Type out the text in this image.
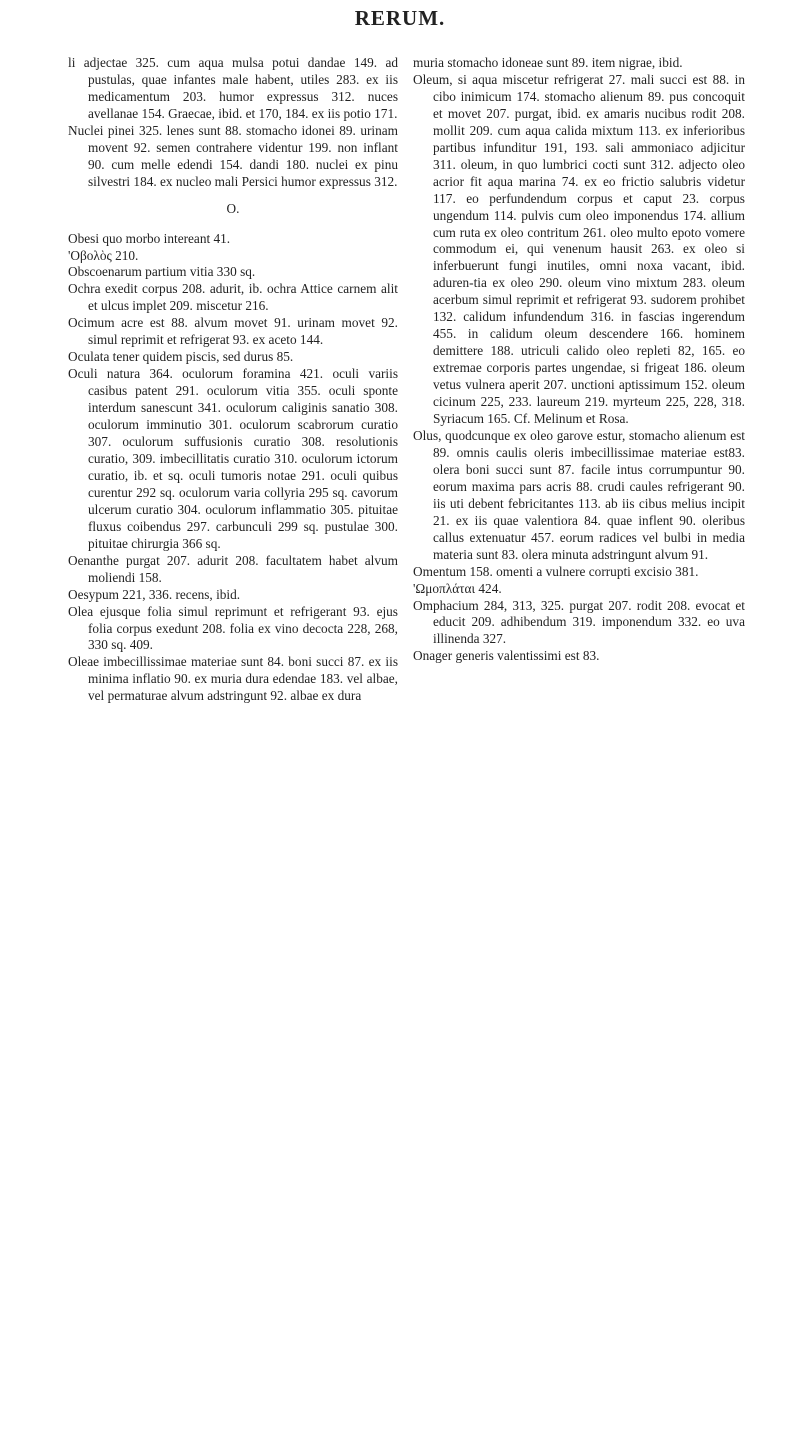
RERUM.

li adjectae 325. cum aqua mulsa potui dandae 149. ad pustulas, quae infantes male habent, utiles 283. ex iis medicamentum 203. humor expressus 312. nuces avellanae 154. Graecae, ibid. et 170, 184. ex iis potio 171.

Nuclei pinei 325. lenes sunt 88. stomacho idonei 89. urinam movent 92. semen contrahere videntur 199. non inflant 90. cum melle edendi 154. dandi 180. nuclei ex pinu silvestri 184. ex nucleo mali Persici humor expressus 312.

O.

Obesi quo morbo intereant 41.

'Οβολὸς 210.

Obscoenarum partium vitia 330 sq.

Ochra exedit corpus 208. adurit, ib. ochra Attice carnem alit et ulcus implet 209. miscetur 216.

Ocimum acre est 88. alvum movet 91. urinam movet 92. simul reprimit et refrigerat 93. ex aceto 144.

Oculata tener quidem piscis, sed durus 85.

Oculi natura 364. oculorum foramina 421. oculi variis casibus patent 291. oculorum vitia 355. oculi sponte interdum sanescunt 341. oculorum caliginis sanatio 308. oculorum imminutio 301. oculorum scabrorum curatio 307. oculorum suffusionis curatio 308. resolutionis curatio, 309. imbecillitatis curatio 310. oculorum ictorum curatio, ib. et sq. oculi tumoris notae 291. oculi quibus curentur 292 sq. oculorum varia collyria 295 sq. cavorum ulcerum curatio 304. oculorum inflammatio 305. pituitae fluxus coibendus 297. carbunculi 299 sq. pustulae 300. pituitae chirurgia 366 sq.

Oenanthe purgat 207. adurit 208. facultatem habet alvum moliendi 158.

Oesypum 221, 336. recens, ibid.

Olea ejusque folia simul reprimunt et refrigerant 93. ejus folia corpus exedunt 208. folia ex vino decocta 228, 268, 330 sq. 409.

Oleae imbecillissimae materiae sunt 84. boni succi 87. ex iis minima inflatio 90. ex muria dura edendae 183. vel albae, vel permaturae alvum adstringunt 92. albae ex dura

muria stomacho idoneae sunt 89. item nigrae, ibid.

Oleum, si aqua miscetur refrigerat 27. mali succi est 88. in cibo inimicum 174. stomacho alienum 89. pus concoquit et movet 207. purgat, ibid. ex amaris nucibus rodit 208. mollit 209. cum aqua calida mixtum 113. ex inferioribus partibus infunditur 191, 193. sali ammoniaco adjicitur 311. oleum, in quo lumbrici cocti sunt 312. adjecto oleo acrior fit aqua marina 74. ex eo frictio salubris videtur 117. eo perfundendum corpus et caput 23. corpus ungendum 114. pulvis cum oleo imponendus 174. allium cum ruta ex oleo contritum 261. oleo multo epoto vomere commodum ei, qui venenum hausit 263. ex oleo si inferbuerunt fungi inutiles, omni noxa vacant, ibid. aduren-tia ex oleo 290. oleum vino mixtum 283. oleum acerbum simul reprimit et refrigerat 93. sudorem prohibet 132. calidum infundendum 316. in fascias ingerendum 455. in calidum oleum descendere 166. hominem demittere 188. utriculi calido oleo repleti 82, 165. eo extremae corporis partes ungendae, si frigeat 186. oleum vetus vulnera aperit 207. unctioni aptissimum 152. oleum cicinum 225, 233. laureum 219. myrteum 225, 228, 318. Syriacum 165. Cf. Melinum et Rosa.

Olus, quodcunque ex oleo garove estur, stomacho alienum est 89. omnis caulis oleris imbecillissimae materiae est83. olera boni succi sunt 87. facile intus corrumpuntur 90. eorum maxima pars acris 88. crudi caules refrigerant 90. iis uti debent febricitantes 113. ab iis cibus melius incipit 21. ex iis quae valentiora 84. quae inflent 90. oleribus callus extenuatur 457. eorum radices vel bulbi in media materia sunt 83. olera minuta adstringunt alvum 91.

Omentum 158. omenti a vulnere corrupti excisio 381.

'Ωμοπλάται 424.

Omphacium 284, 313, 325. purgat 207. rodit 208. evocat et educit 209. adhibendum 319. imponendum 332. eo uva illinenda 327.

Onager generis valentissimi est 83.
